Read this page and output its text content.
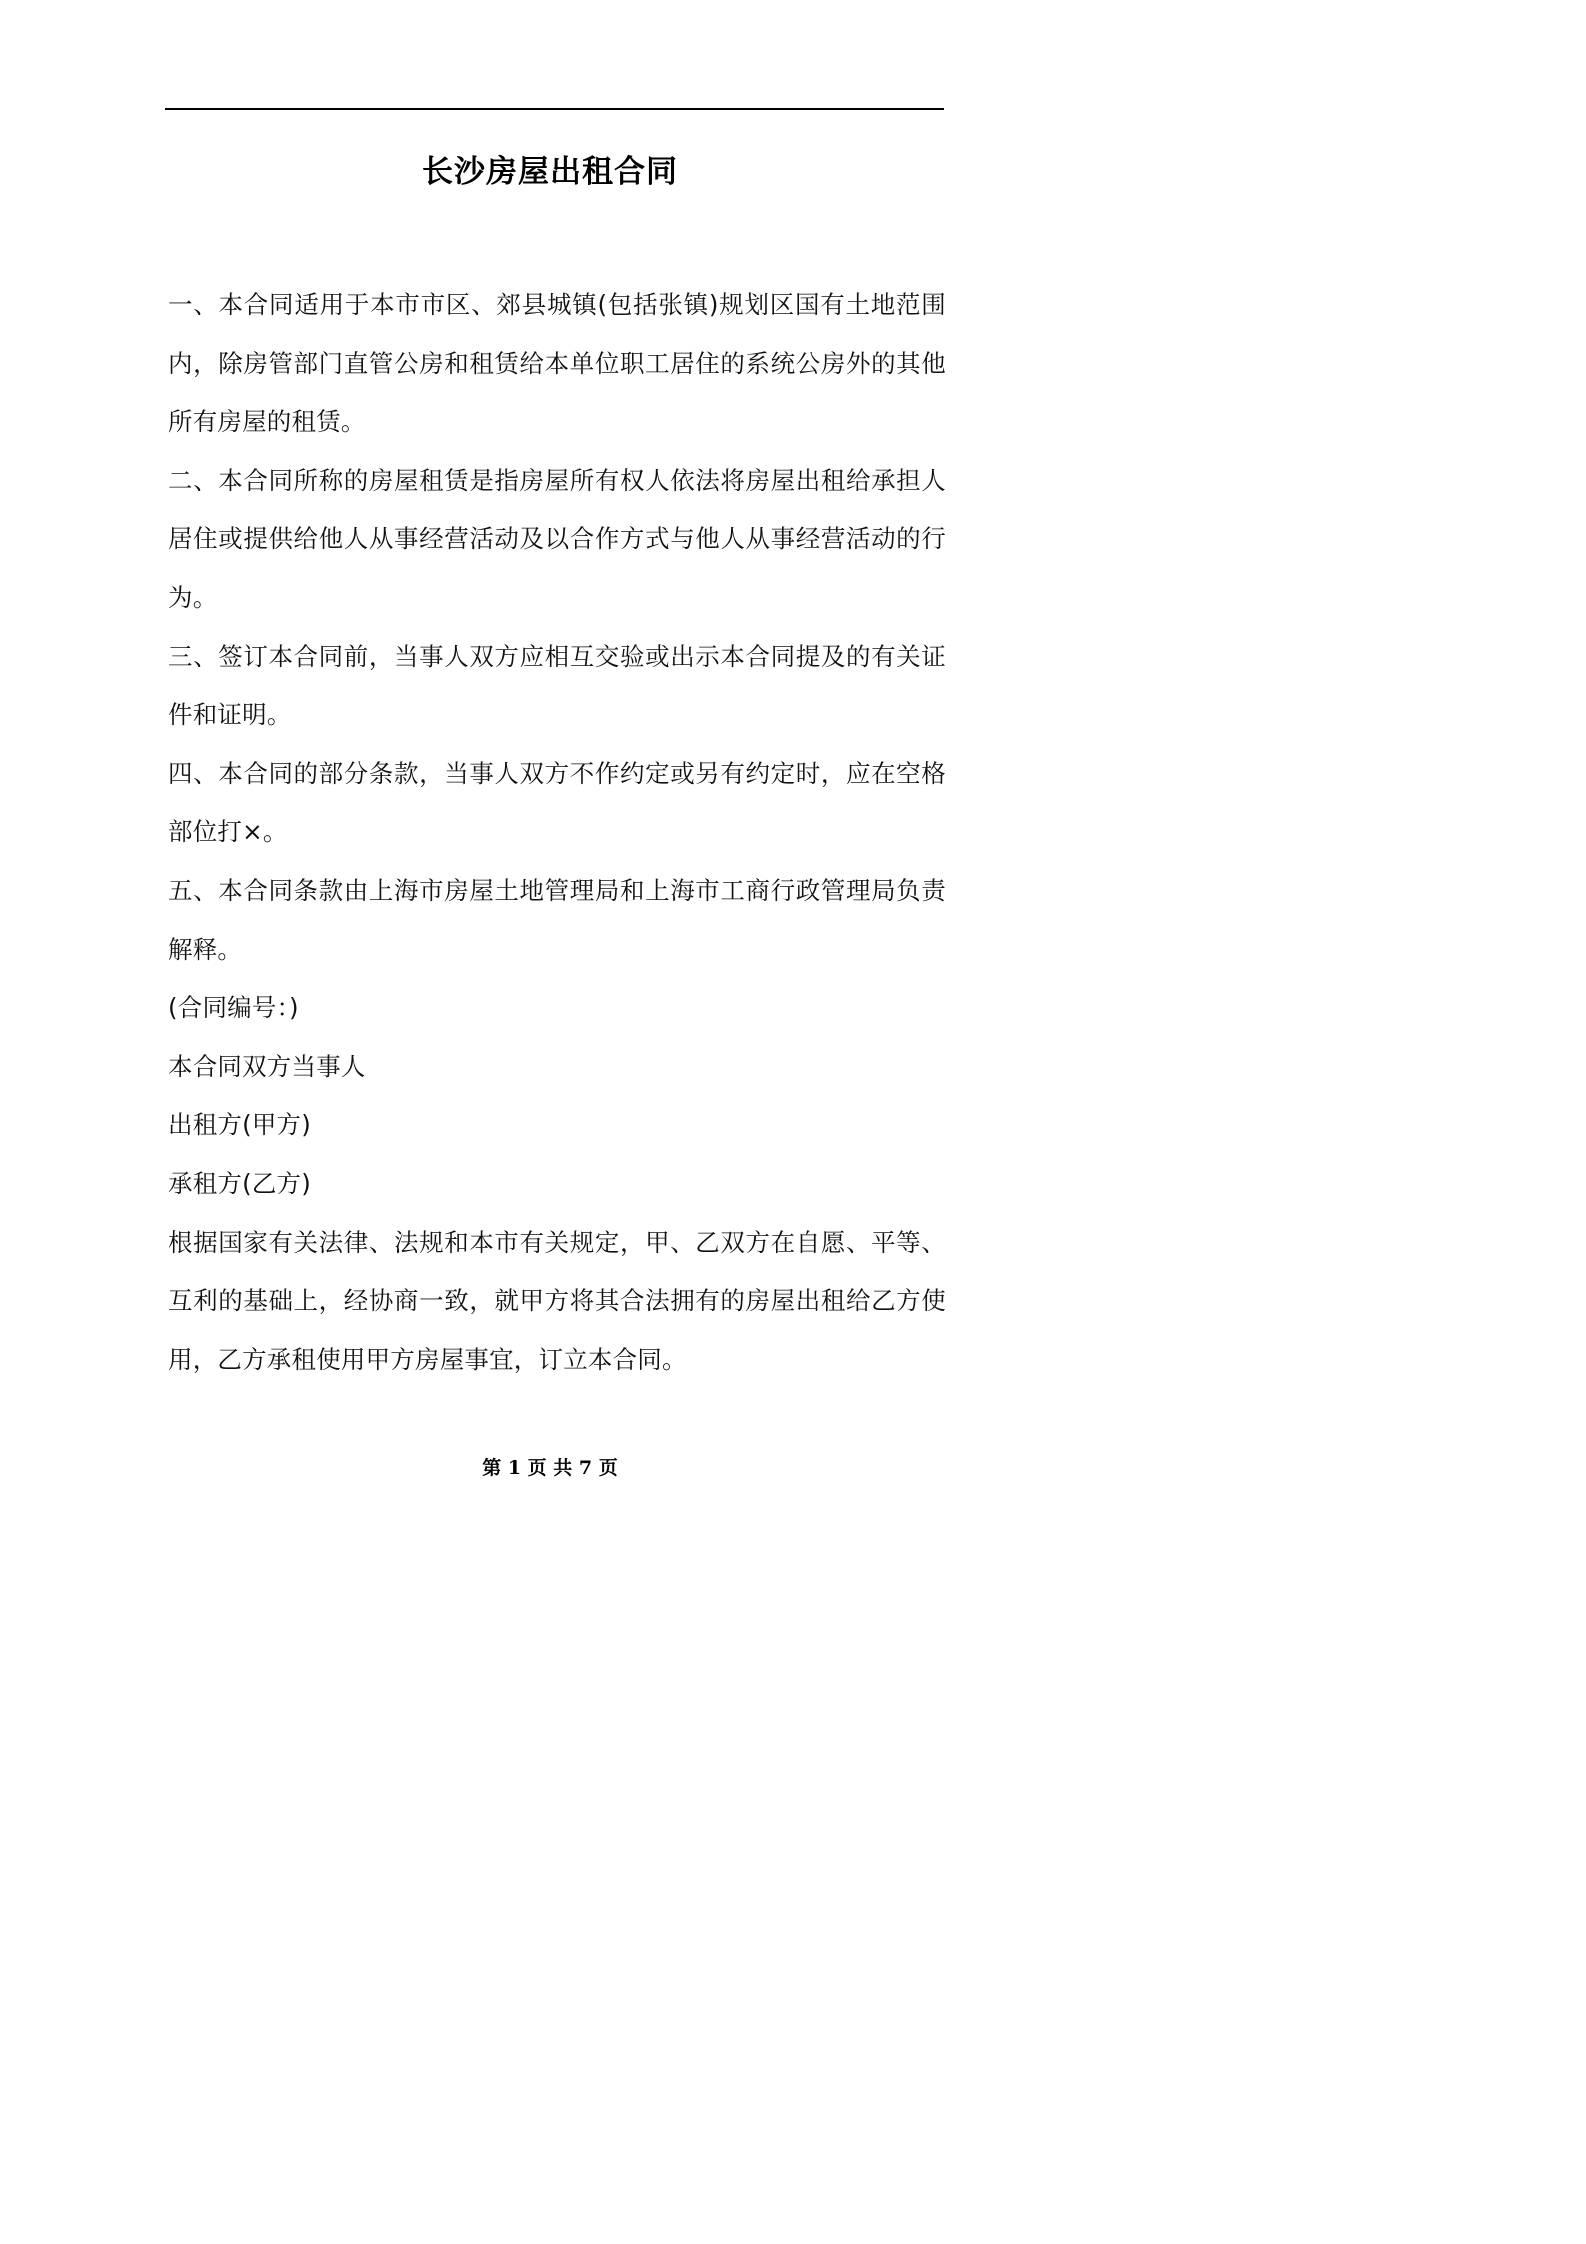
长沙房屋出租合同

一、本合同适用于本市市区、郊县城镇(包括张镇)规划区国有土地范围内，除房管部门直管公房和租赁给本单位职工居住的系统公房外的其他所有房屋的租赁。

二、本合同所称的房屋租赁是指房屋所有权人依法将房屋出租给承担人居住或提供给他人从事经营活动及以合作方式与他人从事经营活动的行为。

三、签订本合同前，当事人双方应相互交验或出示本合同提及的有关证件和证明。

四、本合同的部分条款，当事人双方不作约定或另有约定时，应在空格部位打×。

五、本合同条款由上海市房屋土地管理局和上海市工商行政管理局负责解释。

(合同编号：)

本合同双方当事人

出租方(甲方)

承租方(乙方)

根据国家有关法律、法规和本市有关规定，甲、乙双方在自愿、平等、互利的基础上，经协商一致，就甲方将其合法拥有的房屋出租给乙方使用，乙方承租使用甲方房屋事宜，订立本合同。

第 1 页 共 7 页
